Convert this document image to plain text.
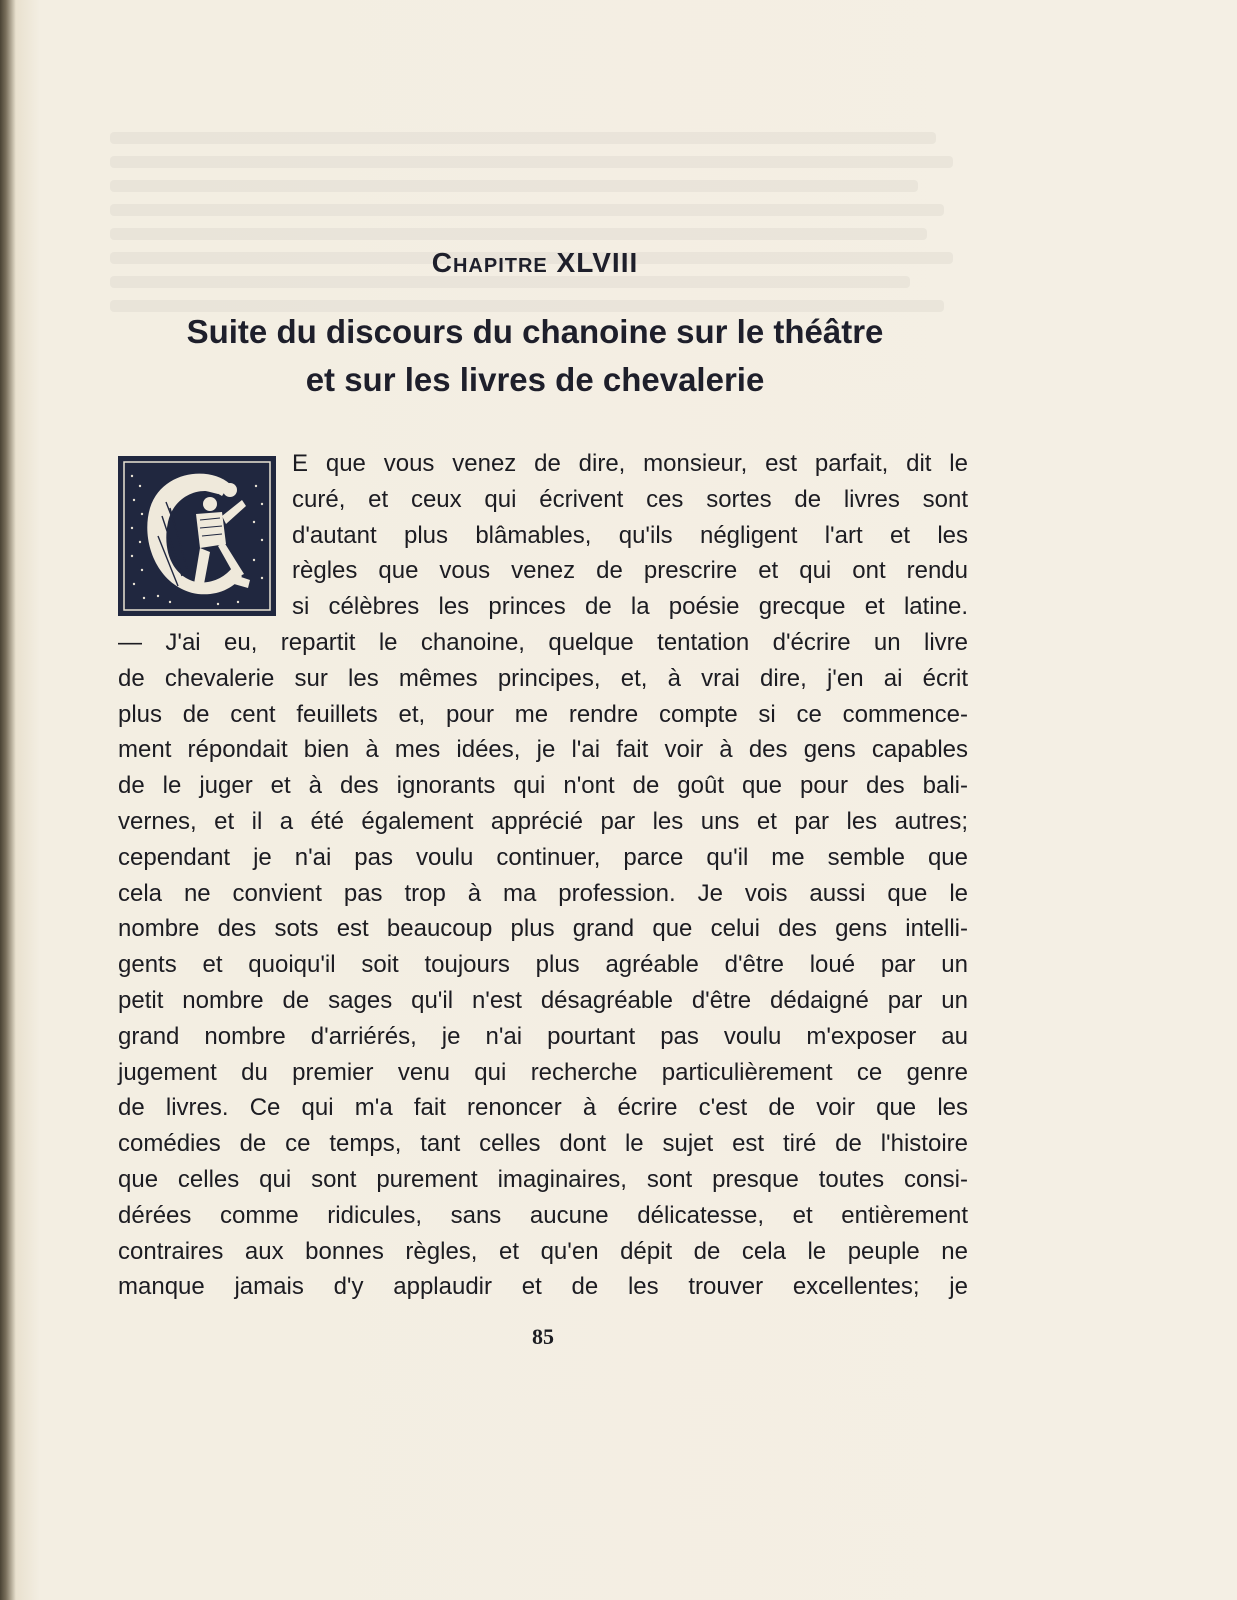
Chapitre XLVIII
Suite du discours du chanoine sur le théâtre
et sur les livres de chevalerie
E que vous venez de dire, monsieur, est parfait, dit le
curé, et ceux qui écrivent ces sortes de livres sont
d'autant plus blâmables, qu'ils négligent l'art et les
règles que vous venez de prescrire et qui ont rendu
si célèbres les princes de la poésie grecque et latine.
— J'ai eu, repartit le chanoine, quelque tentation d'écrire un livre
de chevalerie sur les mêmes principes, et, à vrai dire, j'en ai écrit
plus de cent feuillets et, pour me rendre compte si ce commence-
ment répondait bien à mes idées, je l'ai fait voir à des gens capables
de le juger et à des ignorants qui n'ont de goût que pour des bali-
vernes, et il a été également apprécié par les uns et par les autres;
cependant je n'ai pas voulu continuer, parce qu'il me semble que
cela ne convient pas trop à ma profession. Je vois aussi que le
nombre des sots est beaucoup plus grand que celui des gens intelli-
gents et quoiqu'il soit toujours plus agréable d'être loué par un
petit nombre de sages qu'il n'est désagréable d'être dédaigné par un
grand nombre d'arriérés, je n'ai pourtant pas voulu m'exposer au
jugement du premier venu qui recherche particulièrement ce genre
de livres. Ce qui m'a fait renoncer à écrire c'est de voir que les
comédies de ce temps, tant celles dont le sujet est tiré de l'histoire
que celles qui sont purement imaginaires, sont presque toutes consi-
dérées comme ridicules, sans aucune délicatesse, et entièrement
contraires aux bonnes règles, et qu'en dépit de cela le peuple ne
manque jamais d'y applaudir et de les trouver excellentes; je
85
